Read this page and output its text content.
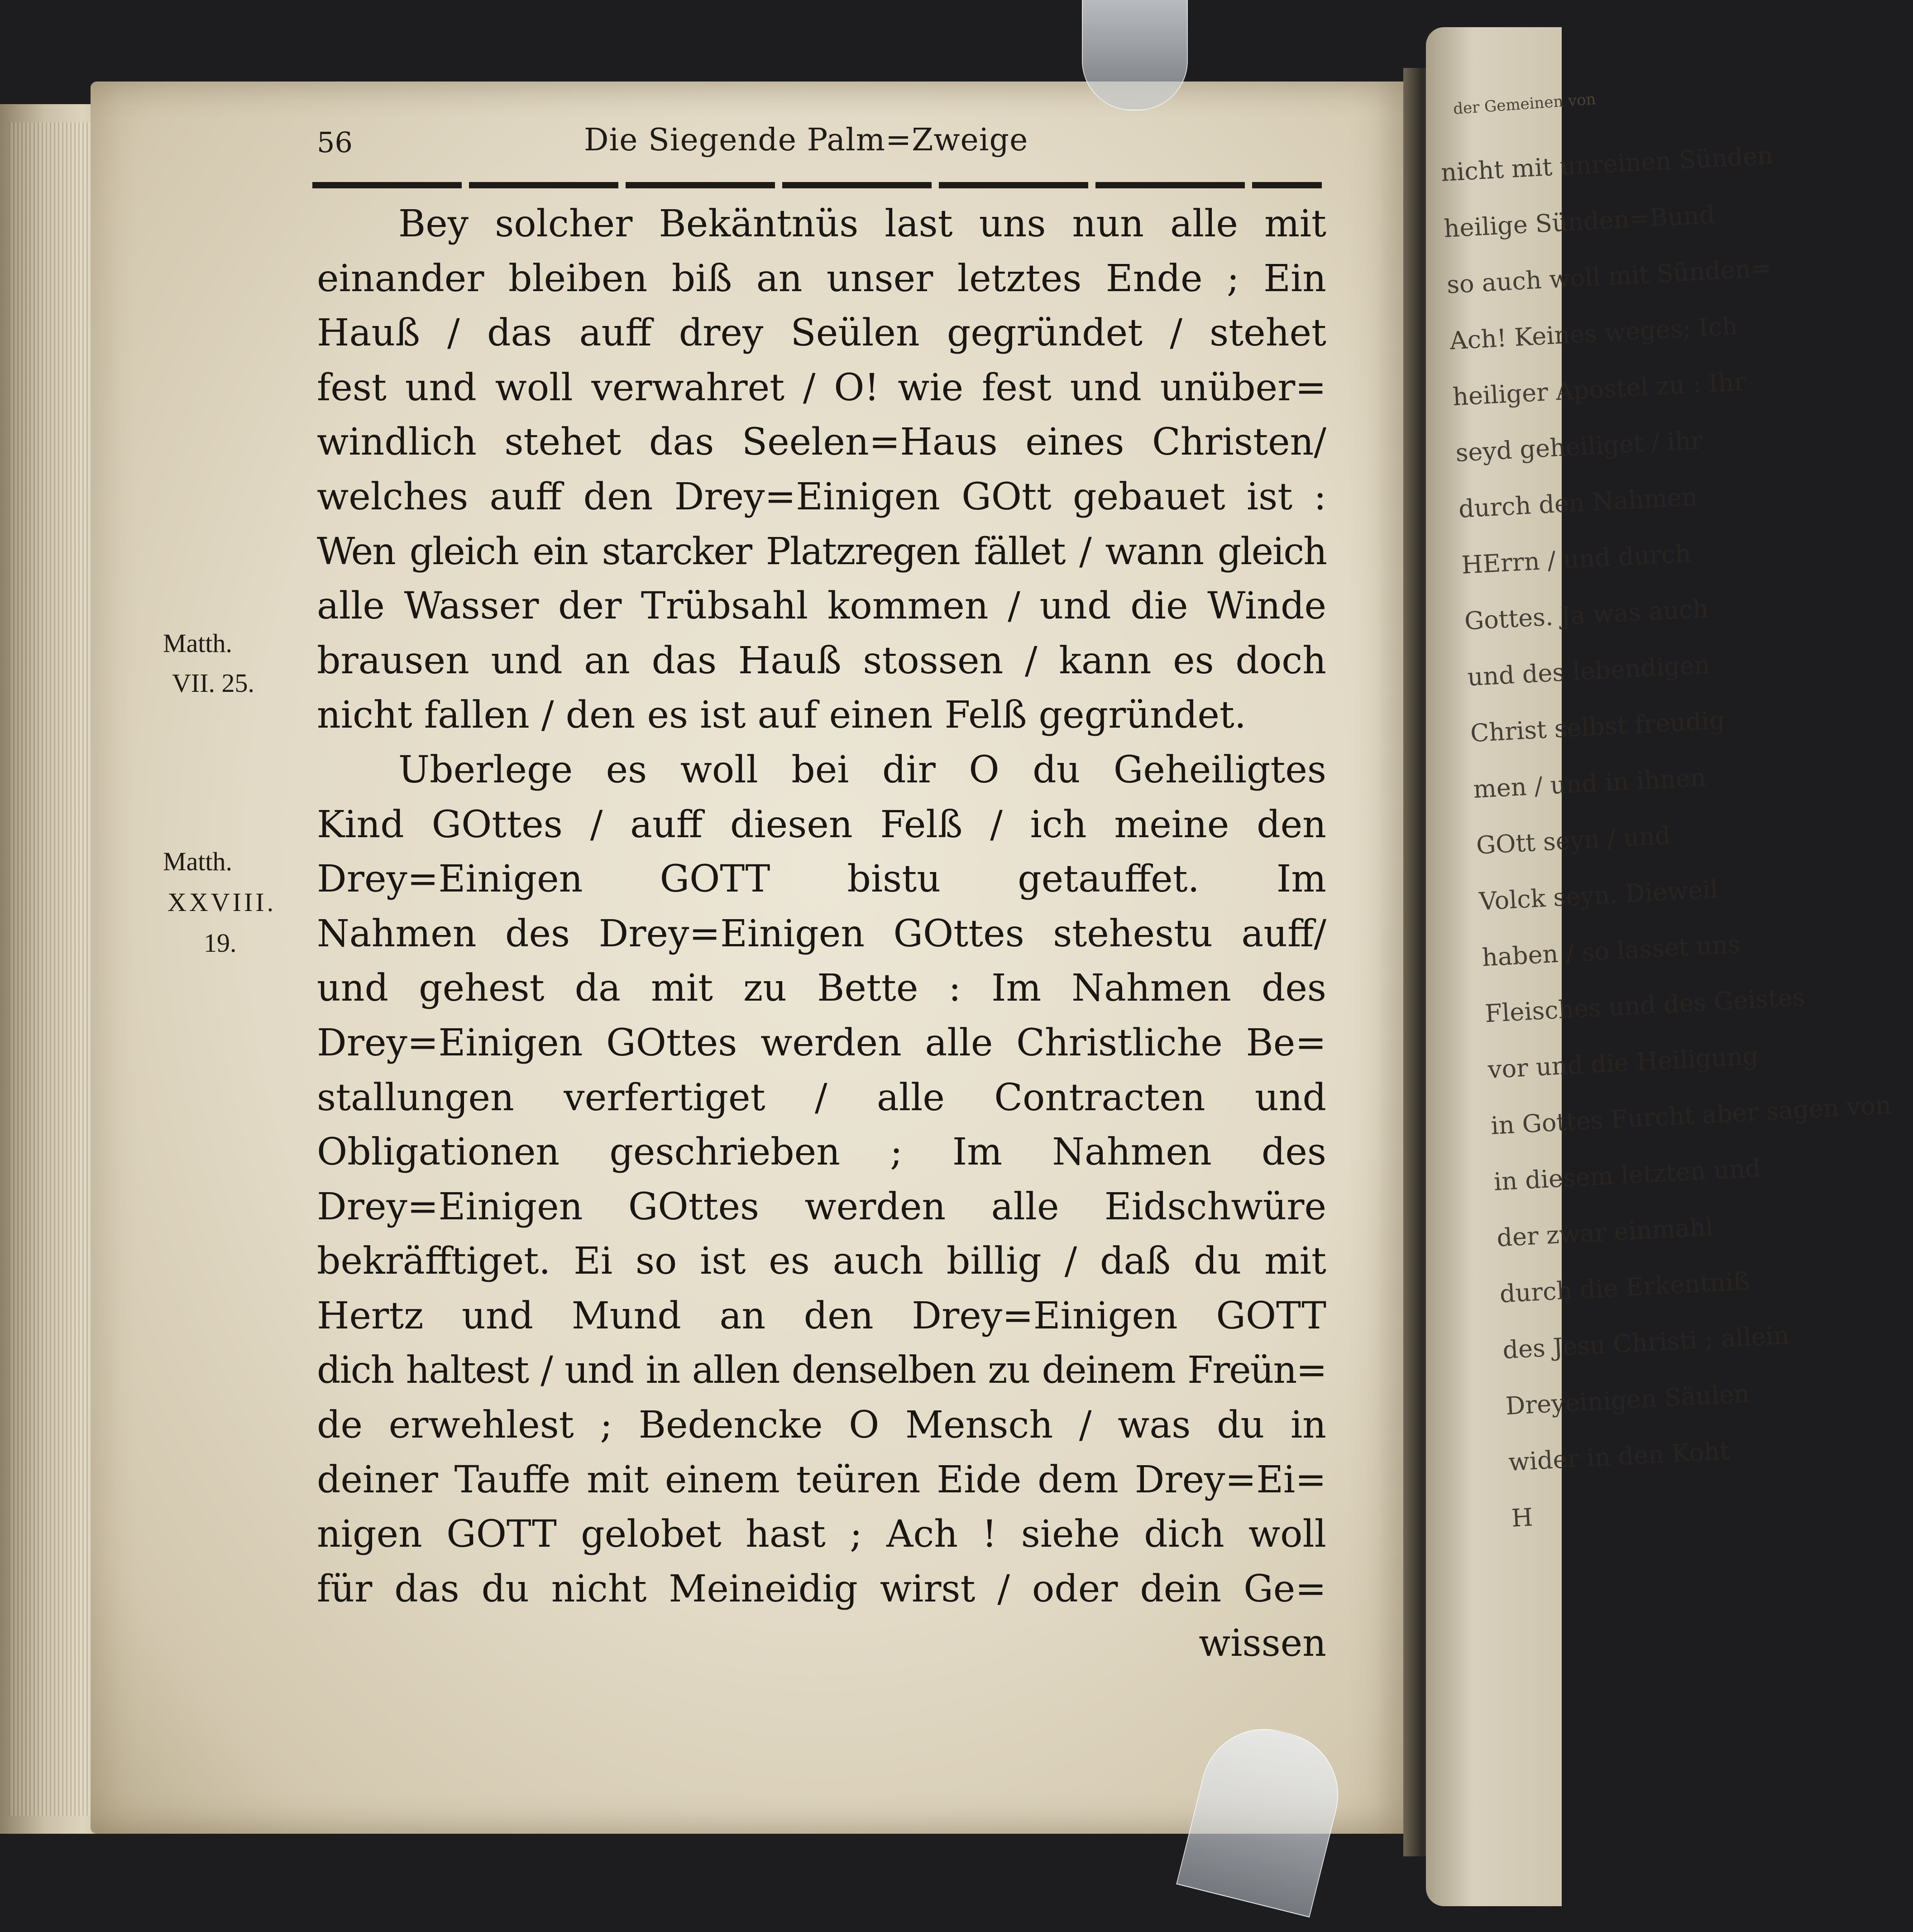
der Gemeinen von
nicht mit unreinen Sünden
heilige Sünden=Bund
so auch woll mit Sünden=
Ach! Keines weges; Ich
heiliger Apostel zu : Ihr
seyd geheiliget / ihr
durch den Nahmen
HErrn / und durch
Gottes. Ja was auch
und des lebendigen
Christ selbst freudig
men / und in ihnen
GOtt seyn / und
Volck seyn. Dieweil
haben / so lasset uns
Fleisches und des Geistes
vor und die Heiligung
in Gottes Furcht aber sagen von
in diesem letzten und
der zwar einmahl
durch die Erkentniß
des Jesu Christi ; allein
Dreyeinigen Säulen
wider in den Koht
H
56	Die Siegende Palm=Zweige
Matth.
VII. 25.
Matth.
XXVIII.
19.
Bey solcher Bekäntnüs last uns nun alle mit
einander bleiben biß an unser letztes Ende ; Ein
Hauß / das auff drey Seülen gegründet / stehet
fest und woll verwahret / O! wie fest und unüber=
windlich stehet das Seelen=Haus eines Christen/
welches auff den Drey=Einigen GOtt gebauet ist :
Wen gleich ein starcker Platzregen fället / wann gleich
alle Wasser der Trübsahl kommen / und die Winde
brausen und an das Hauß stossen / kann es doch
nicht fallen / den es ist auf einen Felß gegründet.
Uberlege es woll bei dir O du Geheiligtes
Kind GOttes / auff diesen Felß / ich meine den
Drey=Einigen GOTT bistu getauffet. Im
Nahmen des Drey=Einigen GOttes stehestu auff/
und gehest da mit zu Bette : Im Nahmen des
Drey=Einigen GOttes werden alle Christliche Be=
stallungen verfertiget / alle Contracten und
Obligationen geschrieben ; Im Nahmen des
Drey=Einigen GOttes werden alle Eidschwüre
bekräfftiget. Ei so ist es auch billig / daß du mit
Hertz und Mund an den Drey=Einigen GOTT
dich haltest / und in allen denselben zu deinem Freün=
de erwehlest ; Bedencke O Mensch / was du in
deiner Tauffe mit einem teüren Eide dem Drey=Ei=
nigen GOTT gelobet hast ; Ach ! siehe dich woll
für das du nicht Meineidig wirst / oder dein Ge=
wissen
